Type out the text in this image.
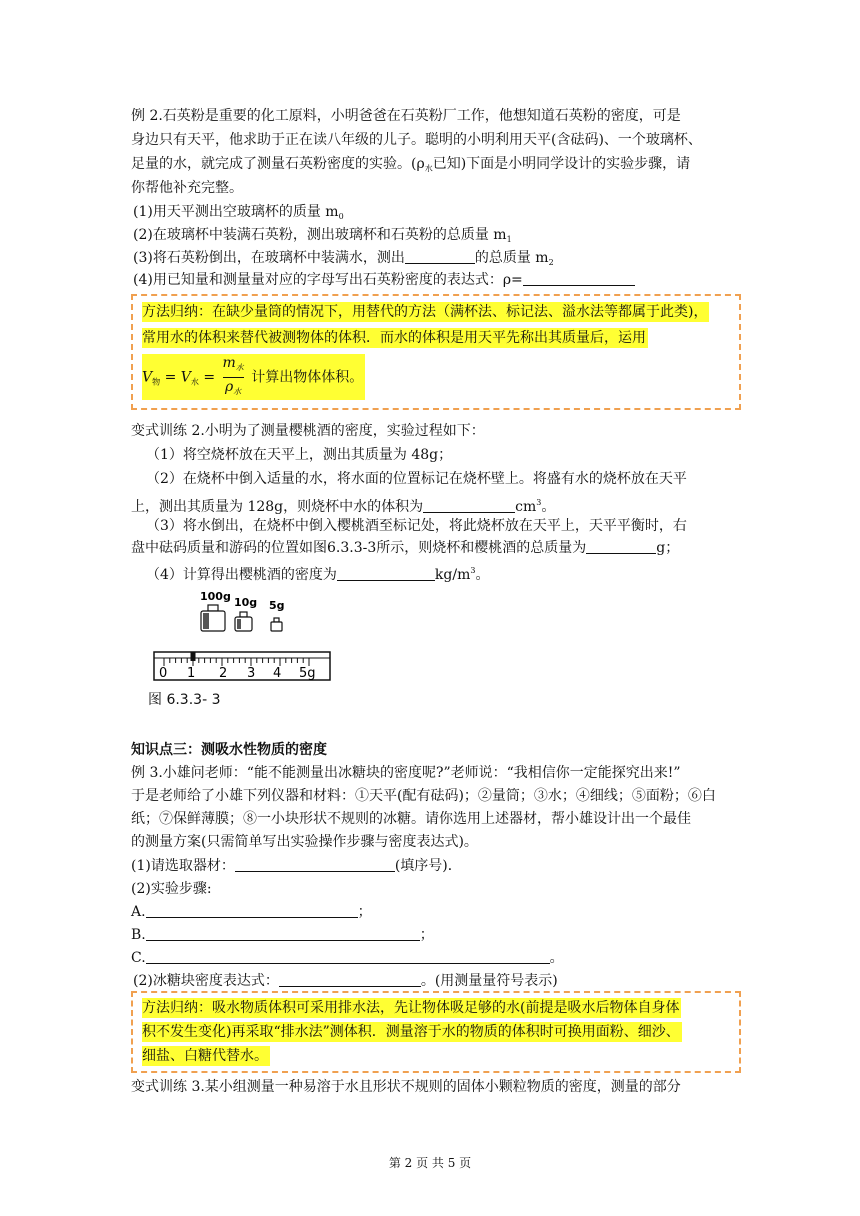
例 2.石英粉是重要的化工原料，小明爸爸在石英粉厂工作，他想知道石英粉的密度，可是
身边只有天平，他求助于正在读八年级的儿子。聪明的小明利用天平(含砝码)、一个玻璃杯、
足量的水，就完成了测量石英粉密度的实验。($\rho_水$已知)下面是小明同学设计的实验步骤，请
你帮他补充完整。
(1)用天平测出空玻璃杯的质量 $m_0$
(2)在玻璃杯中装满石英粉，测出玻璃杯和石英粉的总质量 $m_1$
(3)将石英粉倒出，在玻璃杯中装满水，测出	的总质量 $m_2$
(4)用已知量和测量量对应的字母写出石英粉密度的表达式：ρ=
方法归纳：在缺少量筒的情况下，用替代的方法（满杯法、标记法、溢水法等都属于此类)，
常用水的体积来替代被测物体的体积．而水的体积是用天平先称出其质量后，运用
$V_物 = V_水 = \frac{m_水}{\rho_水}$ 计算出物体体积。
变式训练 2.小明为了测量樱桃酒的密度，实验过程如下：
（1）将空烧杯放在天平上，测出其质量为 48g；
（2）在烧杯中倒入适量的水，将水面的位置标记在烧杯壁上。将盛有水的烧杯放在天平
上，测出其质量为 128g，则烧杯中水的体积为	$cm^3$。
（3）将水倒出，在烧杯中倒入樱桃酒至标记处，将此烧杯放在天平上，天平平衡时，右
盘中砝码质量和游码的位置如图6.3.3-3所示，则烧杯和樱桃酒的总质量为	g；
（4）计算得出樱桃酒的密度为	$kg/m^3$。
100g 10g 5g
0 1 2 3 4 5g
图 6.3.3- 3
知识点三：测吸水性物质的密度
例 3.小雄问老师：“能不能测量出冰糖块的密度呢?”老师说：“我相信你一定能探究出来!”
于是老师给了小雄下列仪器和材料：①天平(配有砝码)；②量筒；③水；④细线；⑤面粉；⑥白
纸；⑦保鲜薄膜；⑧一小块形状不规则的冰糖。请你选用上述器材，帮小雄设计出一个最佳
的测量方案(只需简单写出实验操作步骤与密度表达式)。
(1)请选取器材：	(填序号)．
(2)实验步骤:
A.	；
B.	；
C.	。
(2)冰糖块密度表达式：	。(用测量量符号表示)
方法归纳：吸水物质体积可采用排水法，先让物体吸足够的水(前提是吸水后物体自身体
积不发生变化)再采取“排水法”测体积．测量溶于水的物质的体积时可换用面粉、细沙、
细盐、白糖代替水。
变式训练 3.某小组测量一种易溶于水且形状不规则的固体小颗粒物质的密度，测量的部分
第 2 页 共 5 页
